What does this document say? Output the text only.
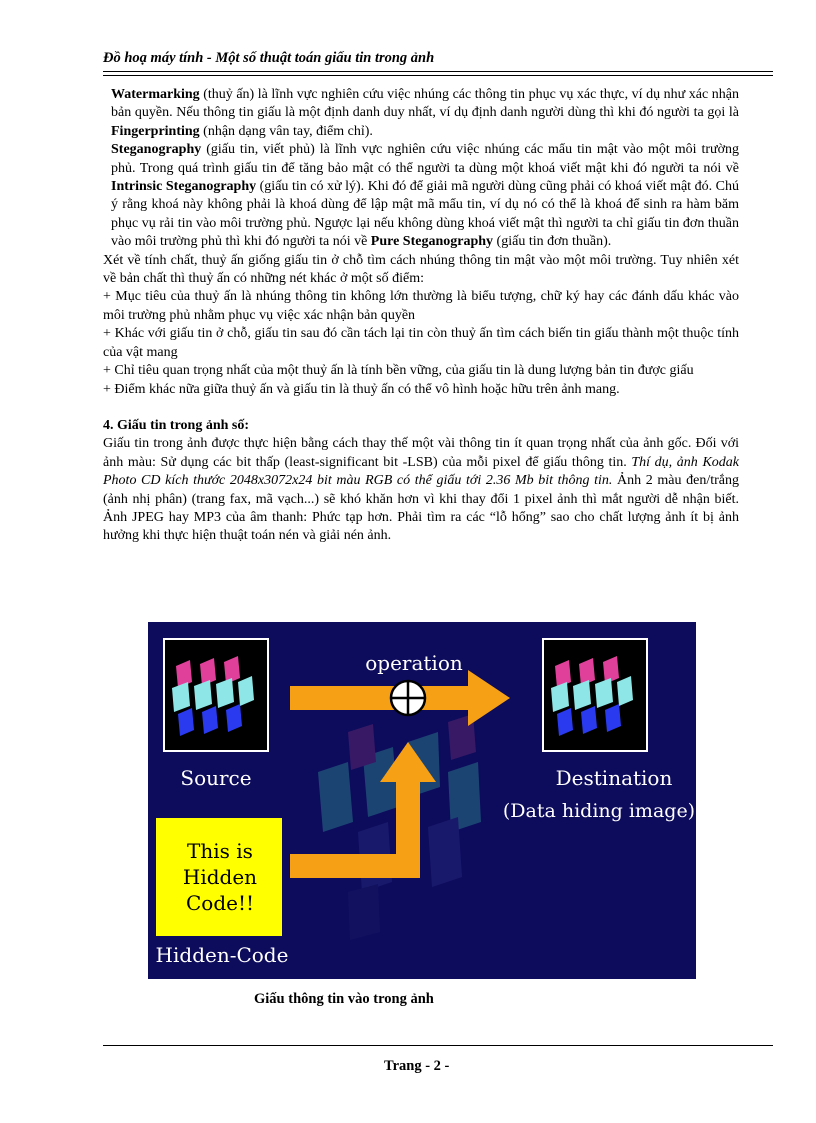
Đồ hoạ máy tính - Một số thuật toán giấu tin trong ảnh

Watermarking (thuỷ ấn) là lĩnh vực nghiên cứu việc nhúng các thông tin phục vụ xác thực, ví dụ như xác nhận bản quyền. Nếu thông tin giấu là một định danh duy nhất, ví dụ định danh người dùng thì khi đó người ta gọi là Fingerprinting (nhận dạng vân tay, điểm chỉ).

Steganography (giấu tin, viết phủ) là lĩnh vực nghiên cứu việc nhúng các mẩu tin mật vào một môi trường phủ. Trong quá trình giấu tin để tăng bảo mật có thể người ta dùng một khoá viết mật khi đó người ta nói về Intrinsic Steganography (giấu tin có xử lý). Khi đó để giải mã người dùng cũng phải có khoá viết mật đó. Chú ý rằng khoá này không phải là khoá dùng để lập mật mã mẩu tin, ví dụ nó có thể là khoá để sinh ra hàm băm phục vụ rải tin vào môi trường phủ. Ngược lại nếu không dùng khoá viết mật thì người ta chỉ giấu tin đơn thuần vào môi trường phủ thì khi đó người ta nói về Pure Steganography (giấu tin đơn thuần).

Xét về tính chất, thuỷ ấn giống giấu tin ở chỗ tìm cách nhúng thông tin mật vào một môi trường. Tuy nhiên xét về bản chất thì thuỷ ấn có những nét khác ở một số điểm:

+ Mục tiêu của thuỷ ấn là nhúng thông tin không lớn thường là biểu tượng, chữ ký hay các đánh dấu khác vào môi trường phủ nhằm phục vụ việc xác nhận bản quyền

+ Khác với giấu tin ở chỗ, giấu tin sau đó cần tách lại tin còn thuỷ ấn tìm cách biến tin giấu thành một thuộc tính của vật mang

+ Chỉ tiêu quan trọng nhất của một thuỷ ấn là tính bền vững, của giấu tin là dung lượng bản tin được giấu

+ Điểm khác nữa giữa thuỷ ấn và giấu tin là thuỷ ấn có thể vô hình hoặc hữu trên ảnh mang.

4. Giấu tin trong ảnh số:

Giấu tin trong ảnh được thực hiện bằng cách thay thế một vài thông tin ít quan trọng nhất của ảnh gốc. Đối với ảnh màu: Sử dụng các bit thấp (least-significant bit -LSB) của mỗi pixel để giấu thông tin. Thí dụ, ảnh Kodak Photo CD kích thước 2048x3072x24 bit màu RGB có thể giấu tới 2.36 Mb bit thông tin. Ảnh 2 màu đen/trắng (ảnh nhị phân) (trang fax, mã vạch...) sẽ khó khăn hơn vì khi thay đổi 1 pixel ảnh thì mắt người dễ nhận biết. Ảnh JPEG hay MP3 của âm thanh: Phức tạp hơn. Phải tìm ra các “lỗ hổng” sao cho chất lượng ảnh ít bị ảnh hưởng khi thực hiện thuật toán nén và giải nén ảnh.

operation
Source	Destination
(Data hiding image)
This is
Hidden
Code!!
Hidden-Code
Giấu thông tin vào trong ảnh
Trang - 2 -
